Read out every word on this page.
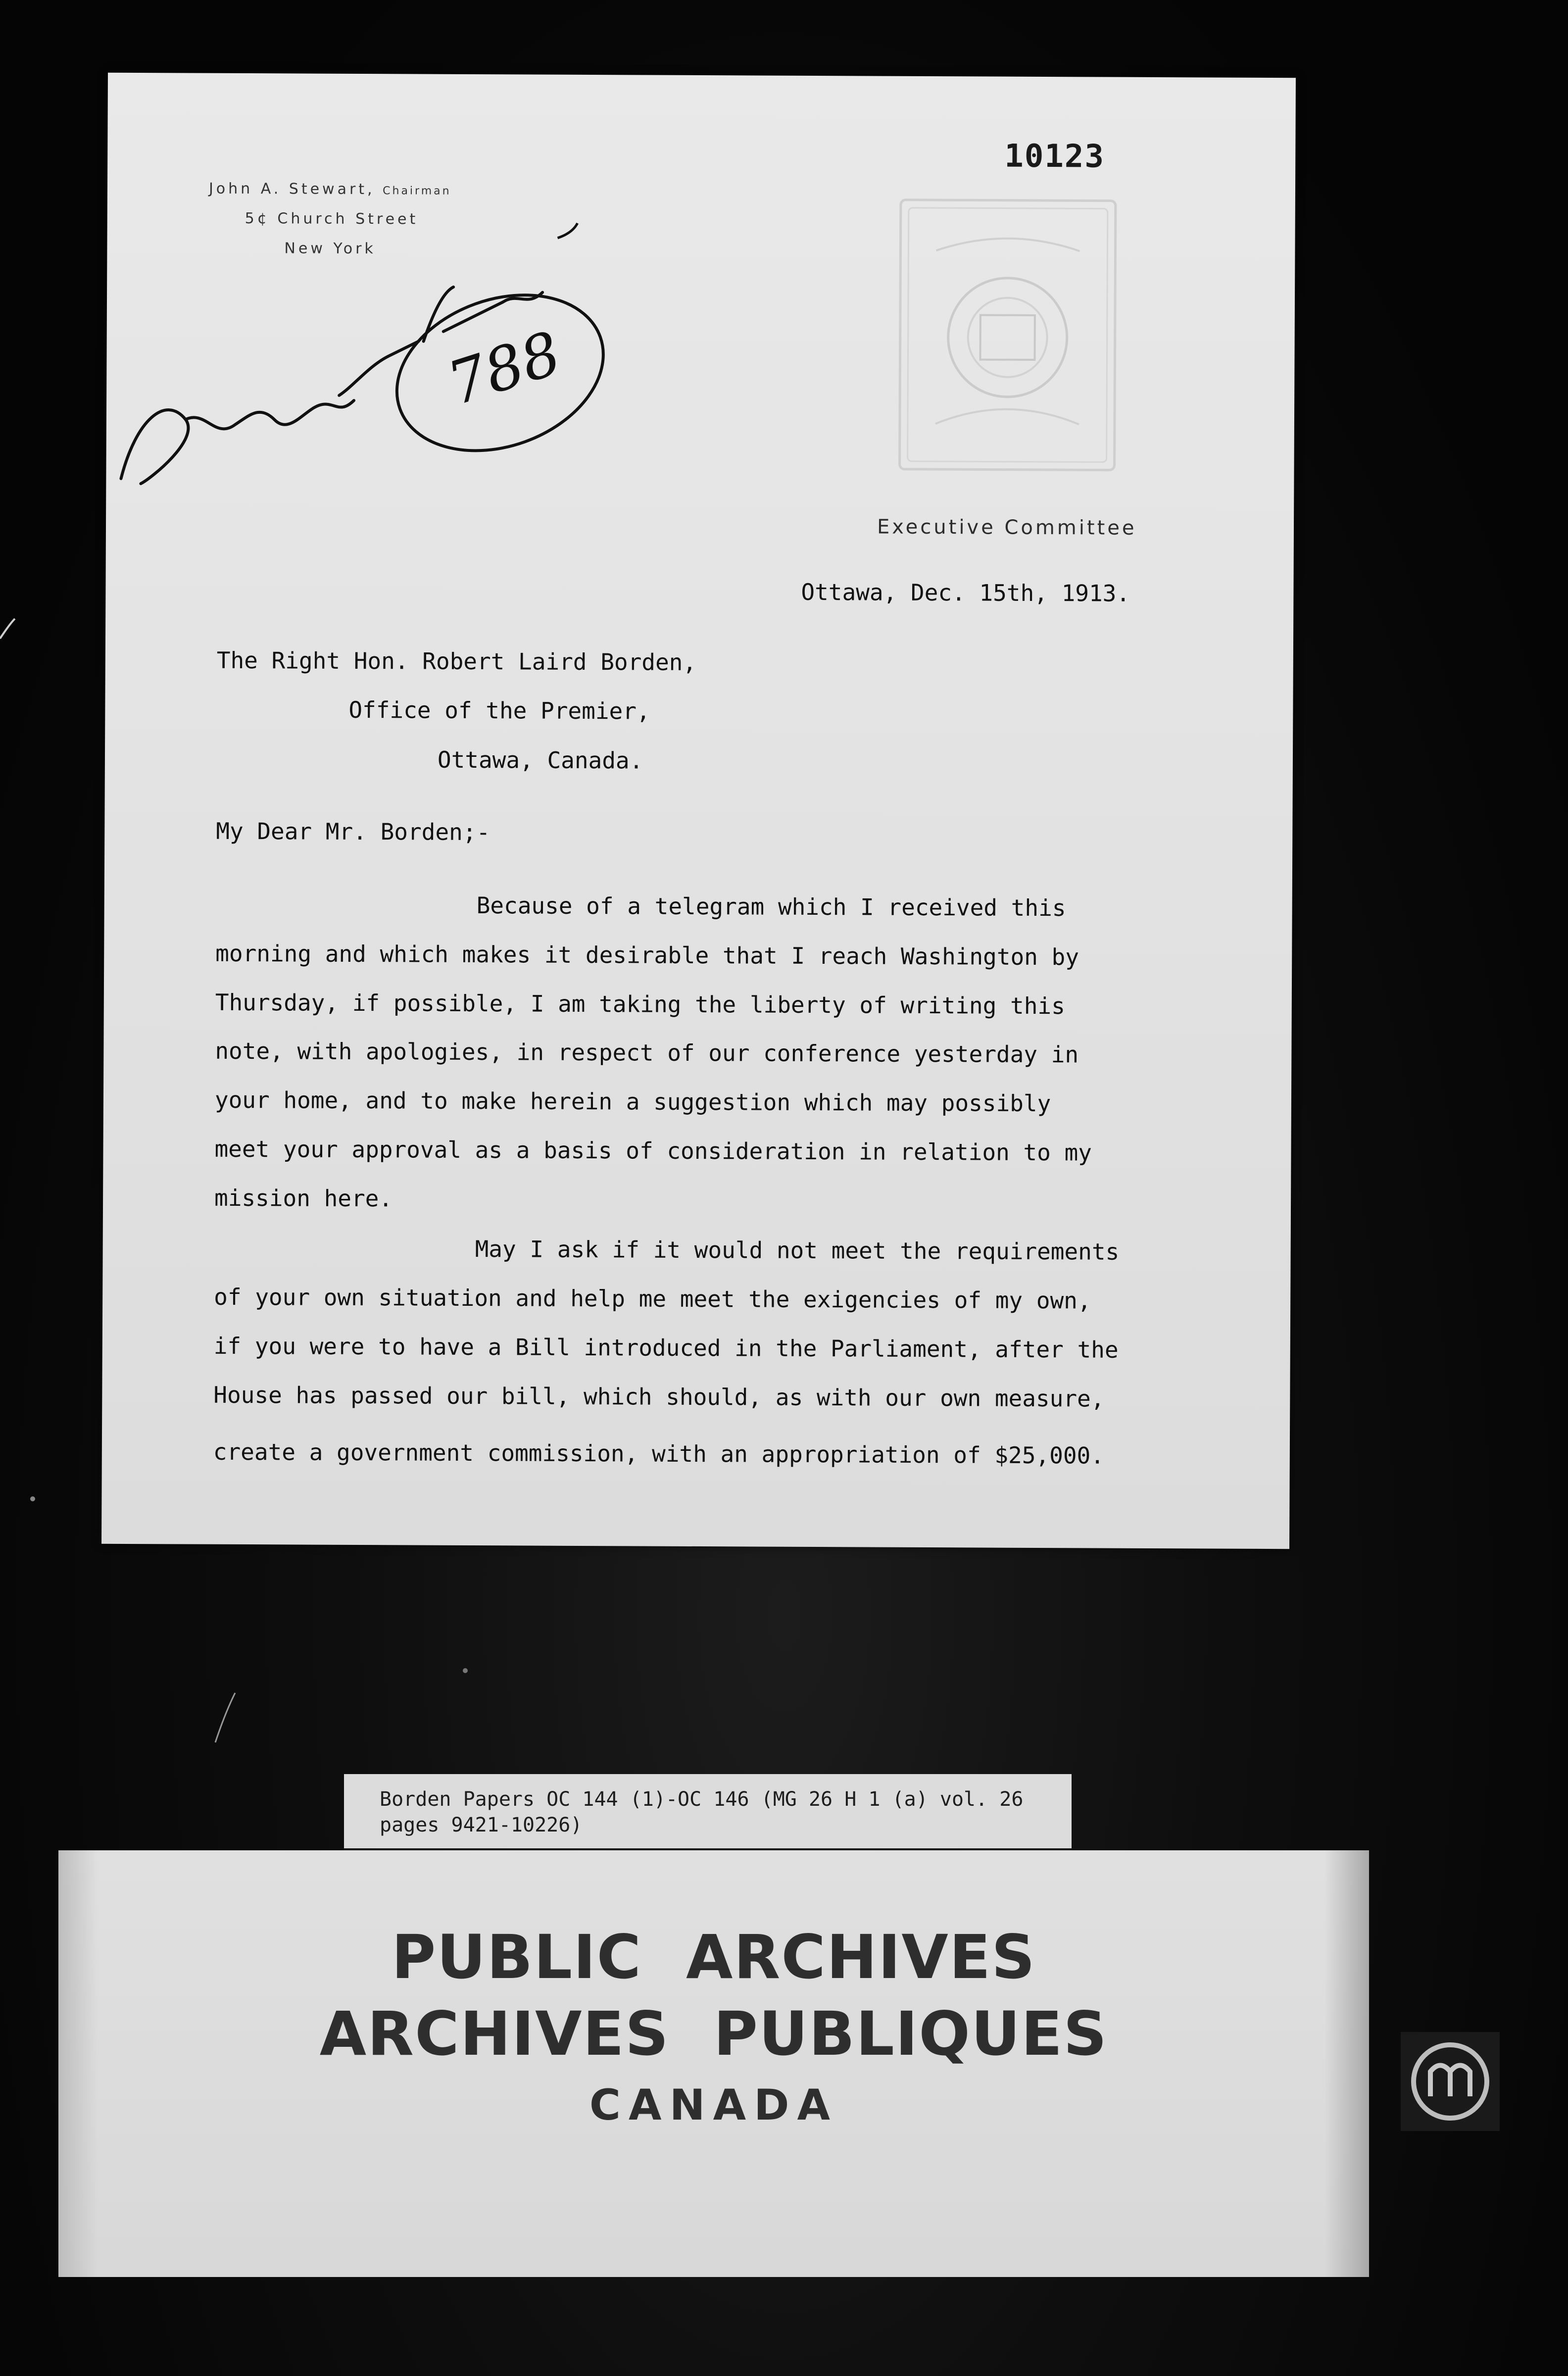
John A. Stewart, Chairman
5¢ Church Street
New York
10123
Executive Committee
788
Aucolama Laurier
Ottawa, Dec. 15th, 1913.
The Right Hon. Robert Laird Borden,
Office of the Premier,
Ottawa, Canada.
My Dear Mr. Borden;-
Because of a telegram which I received this
morning and which makes it desirable that I reach Washington by
Thursday, if possible, I am taking the liberty of writing this
note, with apologies, in respect of our conference yesterday in
your home, and to make herein a suggestion which may possibly
meet your approval as a basis of consideration in relation to my
mission here.
May I ask if it would not meet the requirements
of your own situation and help me meet the exigencies of my own,
if you were to have a Bill introduced in the Parliament, after the
House has passed our bill, which should, as with our own measure,
create a government commission, with an appropriation of $25,000.
Borden Papers OC 144 (1)-OC 146 (MG 26 H 1 (a) vol. 26
pages 9421-10226)
PUBLIC  ARCHIVES
ARCHIVES  PUBLIQUES
CANADA
